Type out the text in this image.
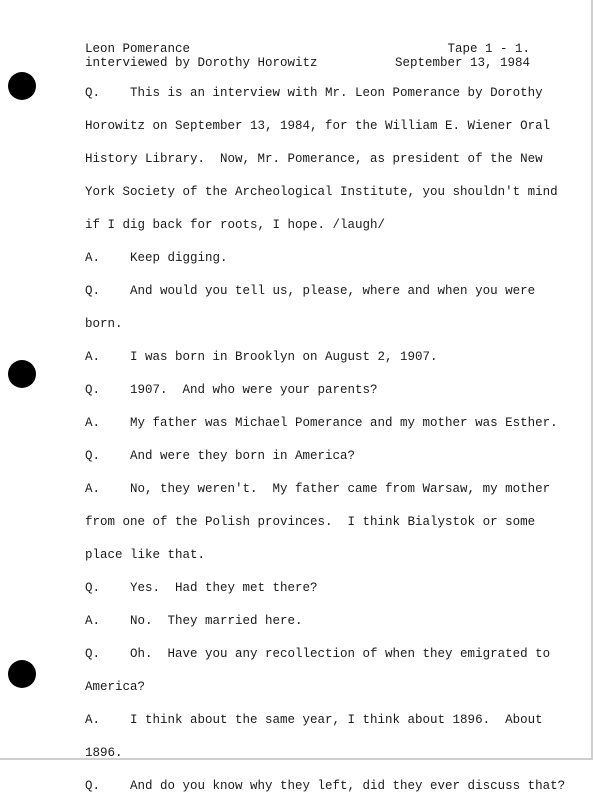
Leon Pomerance	Tape 1 - 1.
interviewed by Dorothy Horowitz	September 13, 1984
Q.    This is an interview with Mr. Leon Pomerance by Dorothy
Horowitz on September 13, 1984, for the William E. Wiener Oral
History Library.  Now, Mr. Pomerance, as president of the New
York Society of the Archeological Institute, you shouldn't mind
if I dig back for roots, I hope. /laugh/
A.    Keep digging.
Q.    And would you tell us, please, where and when you were
born.
A.    I was born in Brooklyn on August 2, 1907.
Q.    1907.  And who were your parents?
A.    My father was Michael Pomerance and my mother was Esther.
Q.    And were they born in America?
A.    No, they weren't.  My father came from Warsaw, my mother
from one of the Polish provinces.  I think Bialystok or some
place like that.
Q.    Yes.  Had they met there?
A.    No.  They married here.
Q.    Oh.  Have you any recollection of when they emigrated to
America?
A.    I think about the same year, I think about 1896.  About
1896.
Q.    And do you know why they left, did they ever discuss that?
